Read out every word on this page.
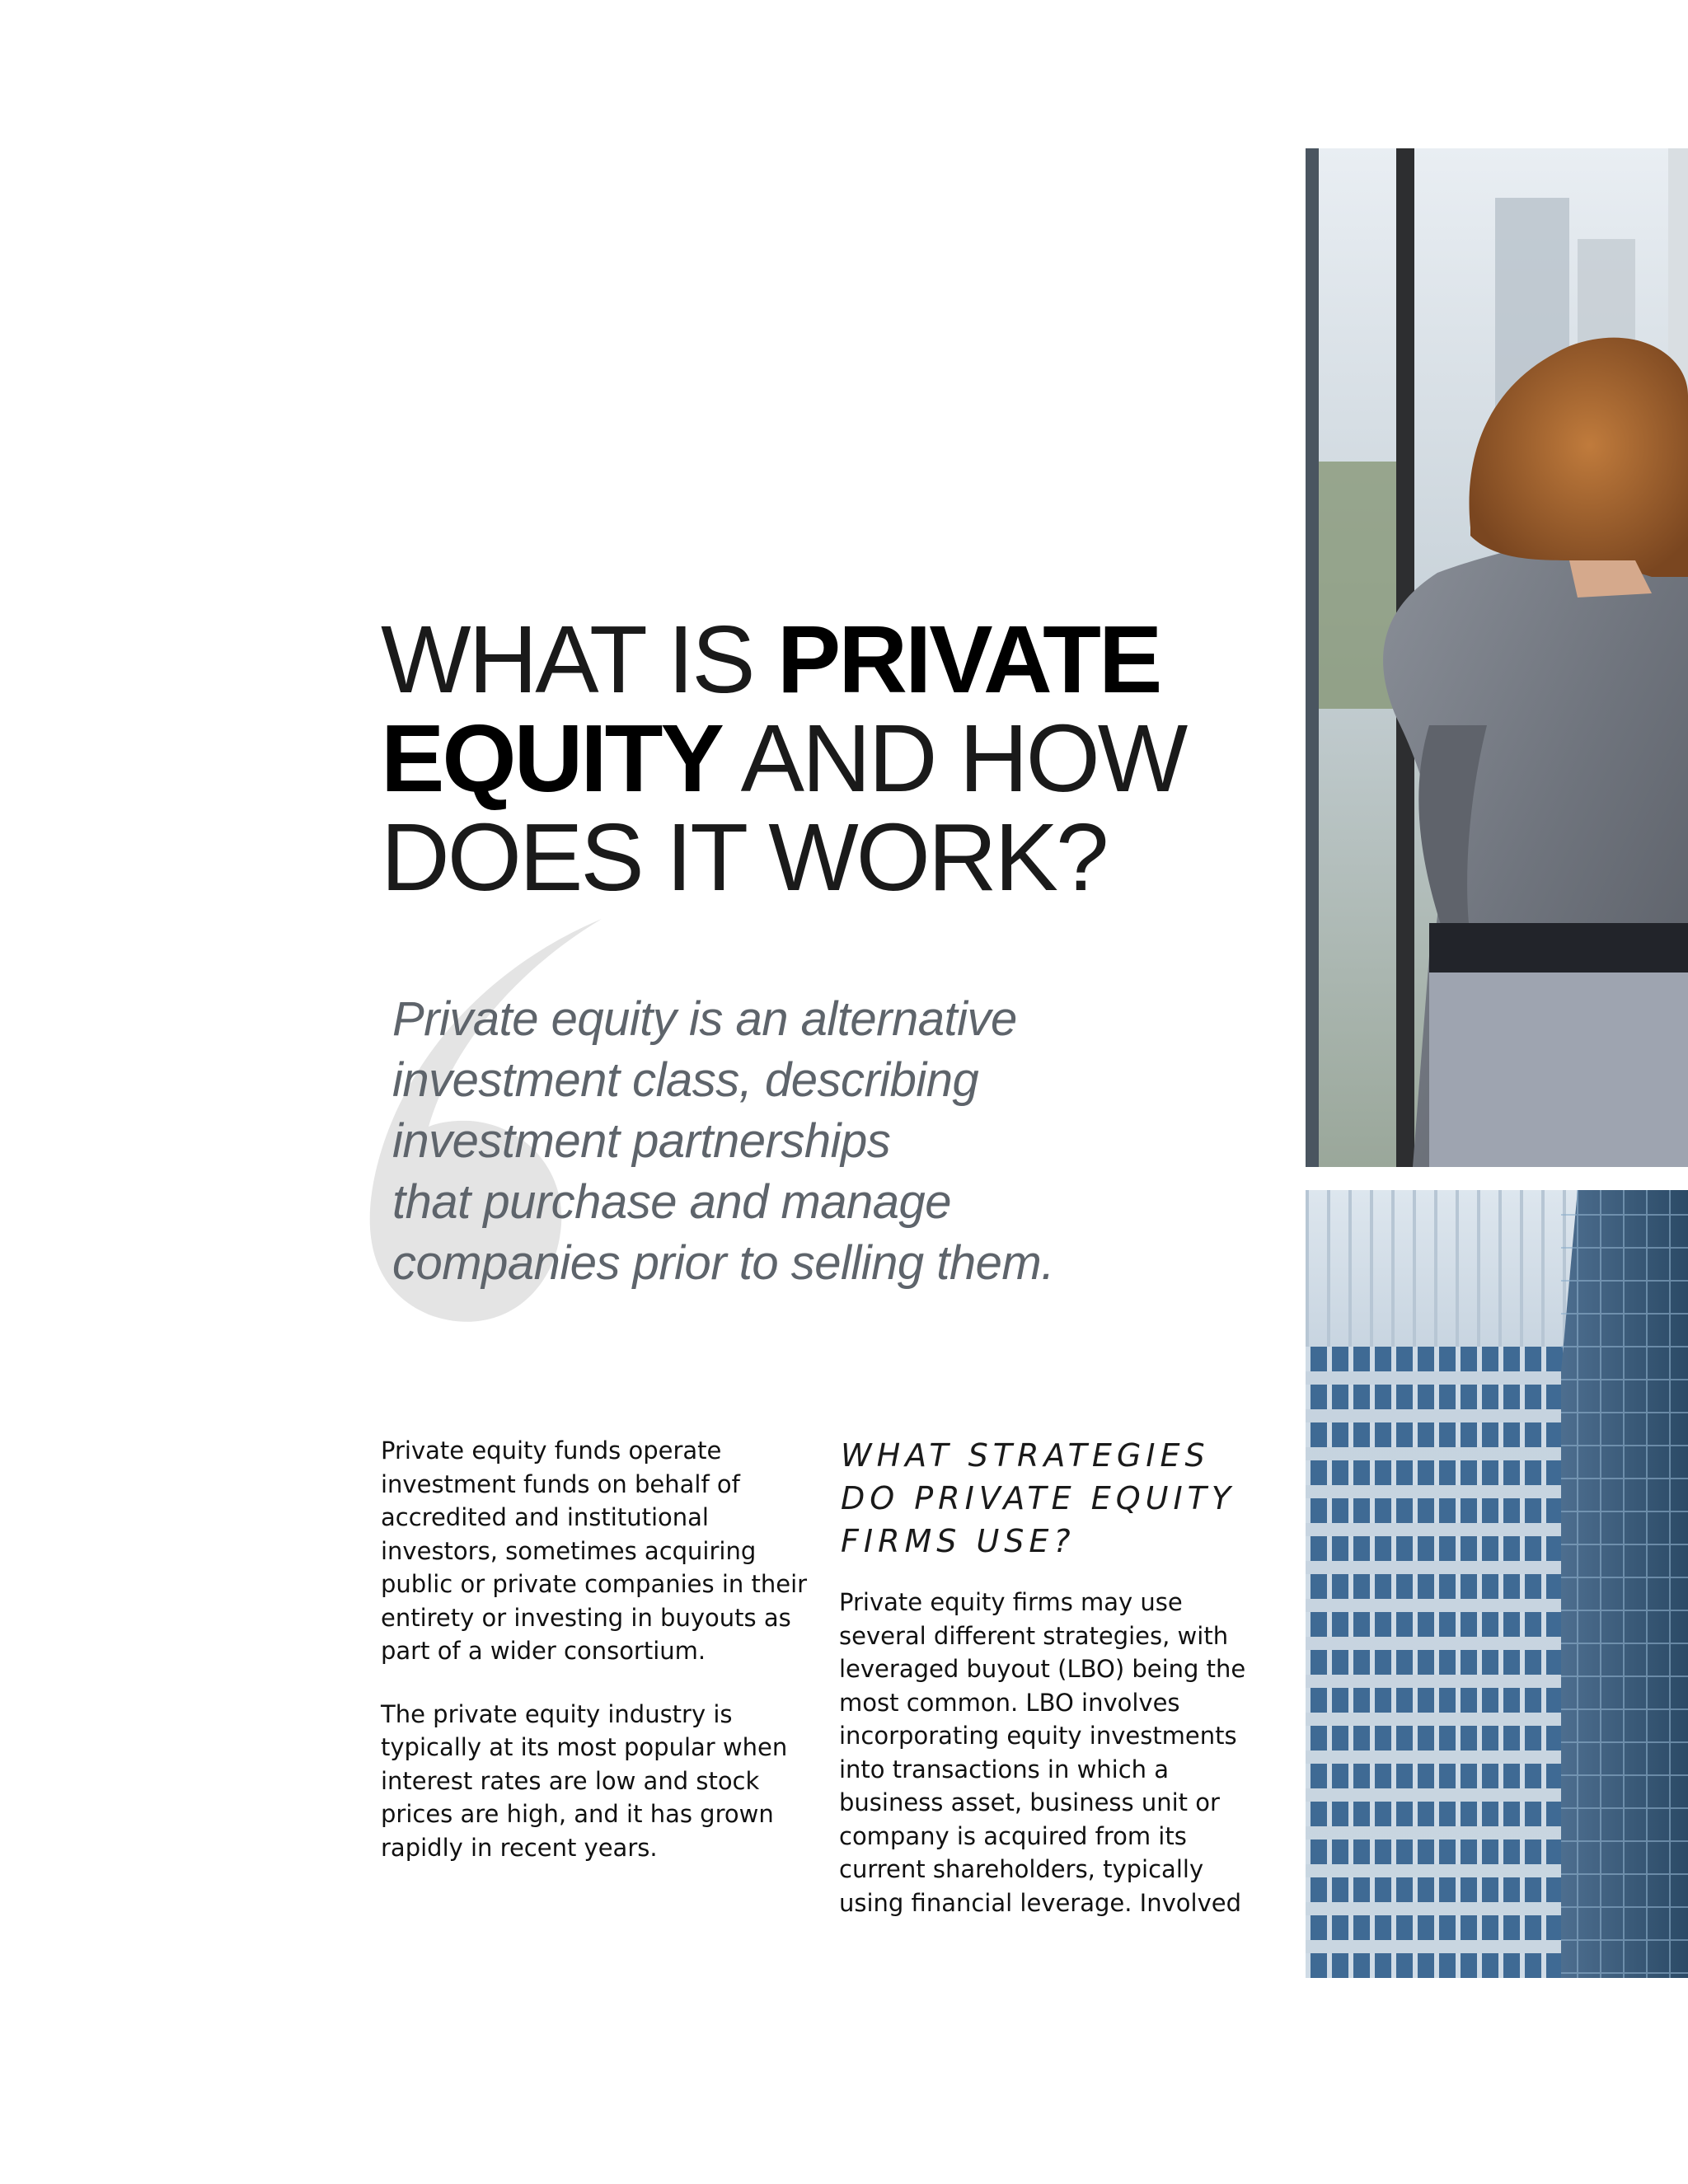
WHAT IS PRIVATE
EQUITY AND HOW
DOES IT WORK?

Private equity is an alternative
investment class, describing
investment partnerships
that purchase and manage
companies prior to selling them.

Private equity funds operate investment funds on behalf of accredited and institutional investors, sometimes acquiring public or private companies in their entirety or investing in buyouts as part of a wider consortium.

The private equity industry is typically at its most popular when interest rates are low and stock prices are high, and it has grown rapidly in recent years.

WHAT STRATEGIES
DO PRIVATE EQUITY
FIRMS USE?

Private equity firms may use several different strategies, with leveraged buyout (LBO) being the most common. LBO involves incorporating equity investments into transactions in which a business asset, business unit or company is acquired from its current shareholders, typically using financial leverage. Involved
